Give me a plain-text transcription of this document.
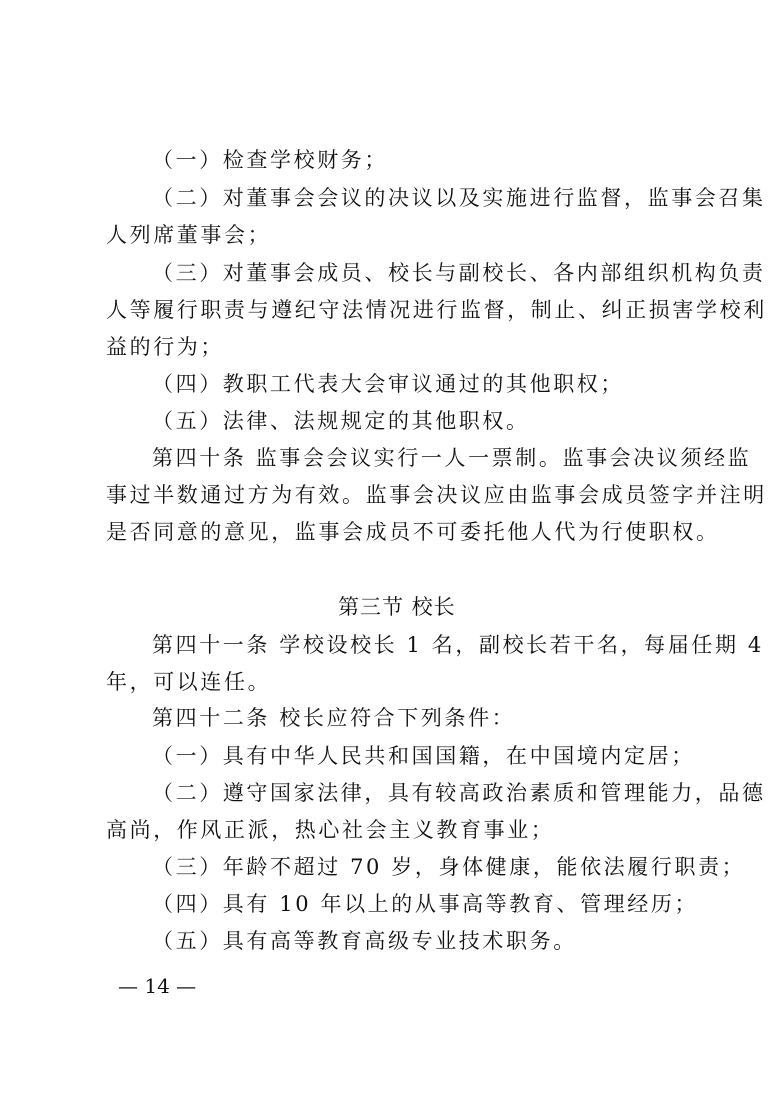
（一）检查学校财务；
（二）对董事会会议的决议以及实施进行监督，监事会召集
人列席董事会；
（三）对董事会成员、校长与副校长、各内部组织机构负责
人等履行职责与遵纪守法情况进行监督，制止、纠正损害学校利
益的行为；
（四）教职工代表大会审议通过的其他职权；
（五）法律、法规规定的其他职权。
第四十条 监事会会议实行一人一票制。监事会决议须经监
事过半数通过方为有效。监事会决议应由监事会成员签字并注明
是否同意的意见，监事会成员不可委托他人代为行使职权。
第三节 校长
第四十一条 学校设校长 1 名，副校长若干名，每届任期 4
年，可以连任。
第四十二条 校长应符合下列条件：
（一）具有中华人民共和国国籍，在中国境内定居；
（二）遵守国家法律，具有较高政治素质和管理能力，品德
高尚，作风正派，热心社会主义教育事业；
（三）年龄不超过 70 岁，身体健康，能依法履行职责；
（四）具有 10 年以上的从事高等教育、管理经历；
（五）具有高等教育高级专业技术职务。
— 14 —
